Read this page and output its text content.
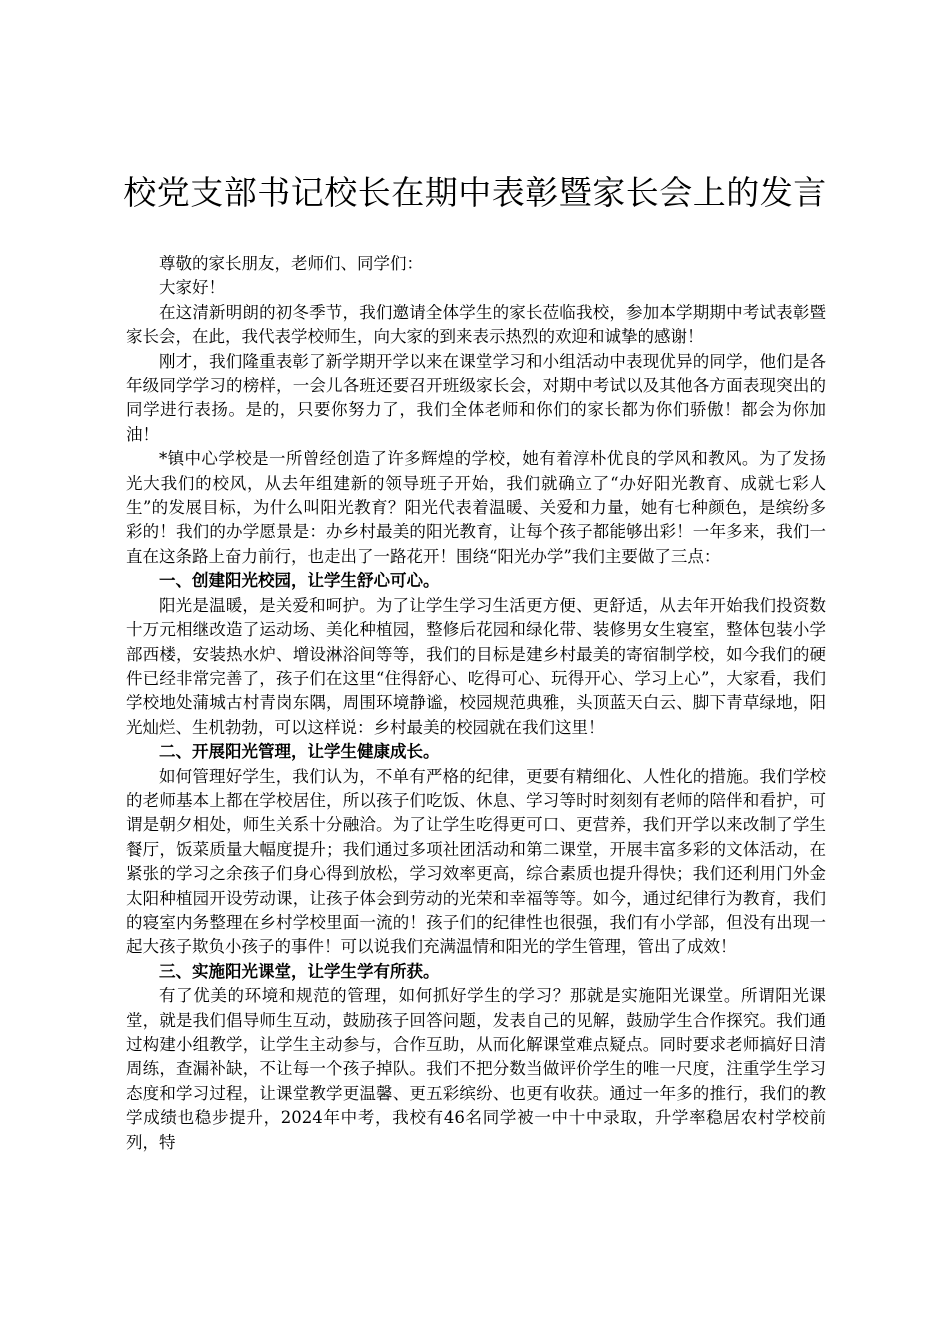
校党支部书记校长在期中表彰暨家长会上的发言

尊敬的家长朋友，老师们、同学们：

大家好！

在这清新明朗的初冬季节，我们邀请全体学生的家长莅临我校，参加本学期期中考试表彰暨家长会，在此，我代表学校师生，向大家的到来表示热烈的欢迎和诚挚的感谢！

刚才，我们隆重表彰了新学期开学以来在课堂学习和小组活动中表现优异的同学，他们是各年级同学学习的榜样，一会儿各班还要召开班级家长会，对期中考试以及其他各方面表现突出的同学进行表扬。是的，只要你努力了，我们全体老师和你们的家长都为你们骄傲！都会为你加油！

*镇中心学校是一所曾经创造了许多辉煌的学校，她有着淳朴优良的学风和教风。为了发扬光大我们的校风，从去年组建新的领导班子开始，我们就确立了“办好阳光教育、成就七彩人生”的发展目标，为什么叫阳光教育？阳光代表着温暖、关爱和力量，她有七种颜色，是缤纷多彩的！我们的办学愿景是：办乡村最美的阳光教育，让每个孩子都能够出彩！一年多来，我们一直在这条路上奋力前行，也走出了一路花开！围绕“阳光办学”我们主要做了三点：

一、创建阳光校园，让学生舒心可心。

阳光是温暖，是关爱和呵护。为了让学生学习生活更方便、更舒适，从去年开始我们投资数十万元相继改造了运动场、美化种植园，整修后花园和绿化带、装修男女生寝室，整体包装小学部西楼，安装热水炉、增设淋浴间等等，我们的目标是建乡村最美的寄宿制学校，如今我们的硬件已经非常完善了，孩子们在这里“住得舒心、吃得可心、玩得开心、学习上心”，大家看，我们学校地处蒲城古村青岗东隅，周围环境静谧，校园规范典雅，头顶蓝天白云、脚下青草绿地，阳光灿烂、生机勃勃，可以这样说：乡村最美的校园就在我们这里！

二、开展阳光管理，让学生健康成长。

如何管理好学生，我们认为，不单有严格的纪律，更要有精细化、人性化的措施。我们学校的老师基本上都在学校居住，所以孩子们吃饭、休息、学习等时时刻刻有老师的陪伴和看护，可谓是朝夕相处，师生关系十分融洽。为了让学生吃得更可口、更营养，我们开学以来改制了学生餐厅，饭菜质量大幅度提升；我们通过多项社团活动和第二课堂，开展丰富多彩的文体活动，在紧张的学习之余孩子们身心得到放松，学习效率更高，综合素质也提升得快；我们还利用门外金太阳种植园开设劳动课，让孩子体会到劳动的光荣和幸福等等。如今，通过纪律行为教育，我们的寝室内务整理在乡村学校里面一流的！孩子们的纪律性也很强，我们有小学部，但没有出现一起大孩子欺负小孩子的事件！可以说我们充满温情和阳光的学生管理，管出了成效！

三、实施阳光课堂，让学生学有所获。

有了优美的环境和规范的管理，如何抓好学生的学习？那就是实施阳光课堂。所谓阳光课堂，就是我们倡导师生互动，鼓励孩子回答问题，发表自己的见解，鼓励学生合作探究。我们通过构建小组教学，让学生主动参与，合作互助，从而化解课堂难点疑点。同时要求老师搞好日清周练，查漏补缺，不让每一个孩子掉队。我们不把分数当做评价学生的唯一尺度，注重学生学习态度和学习过程，让课堂教学更温馨、更五彩缤纷、也更有收获。通过一年多的推行，我们的教学成绩也稳步提升，2024年中考，我校有46名同学被一中十中录取，升学率稳居农村学校前列，特
